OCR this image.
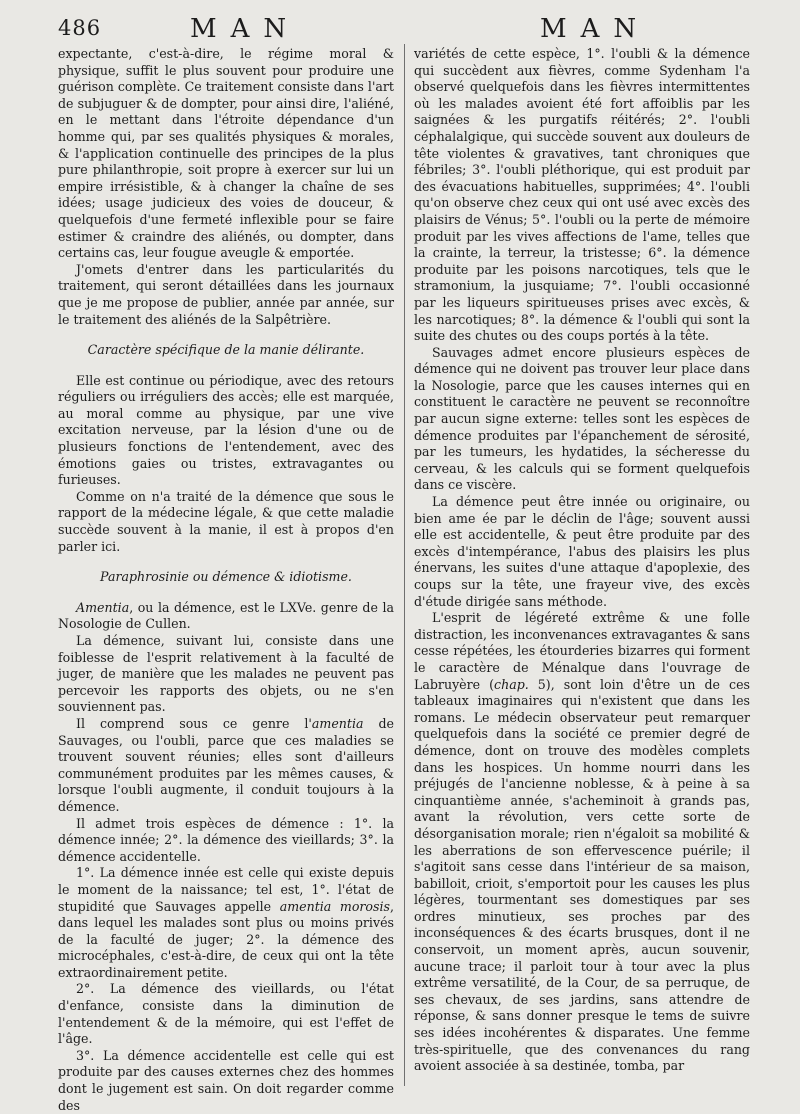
486	MAN	MAN

expectante, c'est-à-dire, le régime moral & physique, suffit le plus souvent pour produire une guérison complète. Ce traitement consiste dans l'art de subjuguer & de dompter, pour ainsi dire, l'aliéné, en le mettant dans l'étroite dépendance d'un homme qui, par ses qualités physiques & morales, & l'application continuelle des principes de la plus pure philanthropie, soit propre à exercer sur lui un empire irrésistible, & à changer la chaîne de ses idées; usage judicieux des voies de douceur, & quelquefois d'une fermeté inflexible pour se faire estimer & craindre des aliénés, ou dompter, dans certains cas, leur fougue aveugle & emportée.

J'omets d'entrer dans les particularités du traitement, qui seront détaillées dans les journaux que je me propose de publier, année par année, sur le traitement des aliénés de la Salpêtrière.

Caractère spécifique de la manie délirante.

Elle est continue ou périodique, avec des retours réguliers ou irréguliers des accès; elle est marquée, au moral comme au physique, par une vive excitation nerveuse, par la lésion d'une ou de plusieurs fonctions de l'entendement, avec des émotions gaies ou tristes, extravagantes ou furieuses.

Comme on n'a traité de la démence que sous le rapport de la médecine légale, & que cette maladie succède souvent à la manie, il est à propos d'en parler ici.

Paraphrosinie ou démence & idiotisme.

Amentia, ou la démence, est le LXVe. genre de la Nosologie de Cullen.

La démence, suivant lui, consiste dans une foiblesse de l'esprit relativement à la faculté de juger, de manière que les malades ne peuvent pas percevoir les rapports des objets, ou ne s'en souviennent pas.

Il comprend sous ce genre l'amentia de Sauvages, ou l'oubli, parce que ces maladies se trouvent souvent réunies; elles sont d'ailleurs communément produites par les mêmes causes, & lorsque l'oubli augmente, il conduit toujours à la démence.

Il admet trois espèces de démence : 1°. la démence innée; 2°. la démence des vieillards; 3°. la démence accidentelle.

1°. La démence innée est celle qui existe depuis le moment de la naissance; tel est, 1°. l'état de stupidité que Sauvages appelle amentia morosis, dans lequel les malades sont plus ou moins privés de la faculté de juger; 2°. la démence des microcéphales, c'est-à-dire, de ceux qui ont la tête extraordinairement petite.

2°. La démence des vieillards, ou l'état d'enfance, consiste dans la diminution de l'entendement & de la mémoire, qui est l'effet de l'âge.

3°. La démence accidentelle est celle qui est produite par des causes externes chez des hommes dont le jugement est sain. On doit regarder comme des

variétés de cette espèce, 1°. l'oubli & la démence qui succèdent aux fièvres, comme Sydenham l'a observé quelquefois dans les fièvres intermittentes où les malades avoient été fort affoiblis par les saignées & les purgatifs réitérés; 2°. l'oubli céphalalgique, qui succède souvent aux douleurs de tête violentes & gravatives, tant chroniques que fébriles; 3°. l'oubli pléthorique, qui est produit par des évacuations habituelles, supprimées; 4°. l'oubli qu'on observe chez ceux qui ont usé avec excès des plaisirs de Vénus; 5°. l'oubli ou la perte de mémoire produit par les vives affections de l'ame, telles que la crainte, la terreur, la tristesse; 6°. la démence produite par les poisons narcotiques, tels que le stramonium, la jusquiame; 7°. l'oubli occasionné par les liqueurs spiritueuses prises avec excès, & les narcotiques; 8°. la démence & l'oubli qui sont la suite des chutes ou des coups portés à la tête.

Sauvages admet encore plusieurs espèces de démence qui ne doivent pas trouver leur place dans la Nosologie, parce que les causes internes qui en constituent le caractère ne peuvent se reconnoître par aucun signe externe: telles sont les espèces de démence produites par l'épanchement de sérosité, par les tumeurs, les hydatides, la sécheresse du cerveau, & les calculs qui se forment quelquefois dans ce viscère.

La démence peut être innée ou originaire, ou bien ame ée par le déclin de l'âge; souvent aussi elle est accidentelle, & peut être produite par des excès d'intempérance, l'abus des plaisirs les plus énervans, les suites d'une attaque d'apoplexie, des coups sur la tête, une frayeur vive, des excès d'étude dirigée sans méthode.

L'esprit de légéreté extrême & une folle distraction, les inconvenances extravagantes & sans cesse répétées, les étourderies bizarres qui forment le caractère de Ménalque dans l'ouvrage de Labruyère (chap. 5), sont loin d'être un de ces tableaux imaginaires qui n'existent que dans les romans. Le médecin observateur peut remarquer quelquefois dans la société ce premier degré de démence, dont on trouve des modèles complets dans les hospices. Un homme nourri dans les préjugés de l'ancienne noblesse, & à peine à sa cinquantième année, s'acheminoit à grands pas, avant la révolution, vers cette sorte de désorganisation morale; rien n'égaloit sa mobilité & les aberrations de son effervescence puérile; il s'agitoit sans cesse dans l'intérieur de sa maison, babilloit, crioit, s'emportoit pour les causes les plus légères, tourmentant ses domestiques par ses ordres minutieux, ses proches par des inconséquences & des écarts brusques, dont il ne conservoit, un moment après, aucun souvenir, aucune trace; il parloit tour à tour avec la plus extrême versatilité, de la Cour, de sa perruque, de ses chevaux, de ses jardins, sans attendre de réponse, & sans donner presque le tems de suivre ses idées incohérentes & disparates. Une femme très-spirituelle, que des convenances du rang avoient associée à sa destinée, tomba, par
